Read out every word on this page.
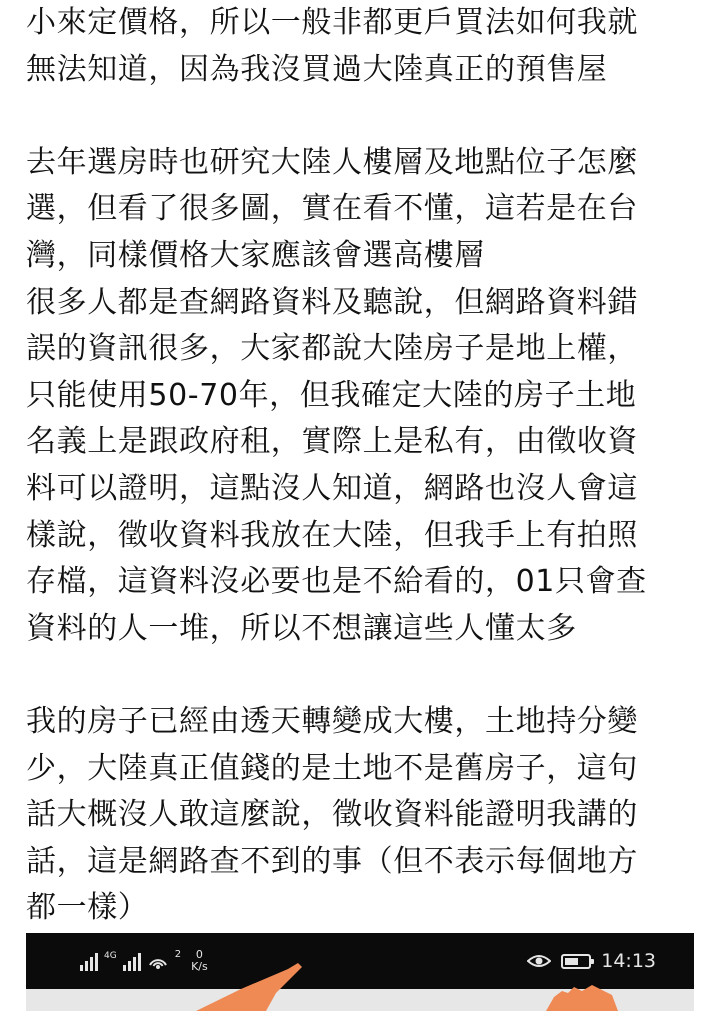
小來定價格，所以一般非都更戶買法如何我就
無法知道，因為我沒買過大陸真正的預售屋
去年選房時也研究大陸人樓層及地點位子怎麼
選，但看了很多圖，實在看不懂，這若是在台
灣，同樣價格大家應該會選高樓層
很多人都是查網路資料及聽說，但網路資料錯
誤的資訊很多，大家都說大陸房子是地上權，
只能使用50-70年，但我確定大陸的房子土地
名義上是跟政府租，實際上是私有，由徵收資
料可以證明，這點沒人知道，網路也沒人會這
樣說，徵收資料我放在大陸，但我手上有拍照
存檔，這資料沒必要也是不給看的，01只會查
資料的人一堆，所以不想讓這些人懂太多
我的房子已經由透天轉變成大樓，土地持分變
少，大陸真正值錢的是土地不是舊房子，這句
話大概沒人敢這麼說，徵收資料能證明我講的
話，這是網路查不到的事（但不表示每個地方
都一樣）
4G	2 0
K/s	14:13
